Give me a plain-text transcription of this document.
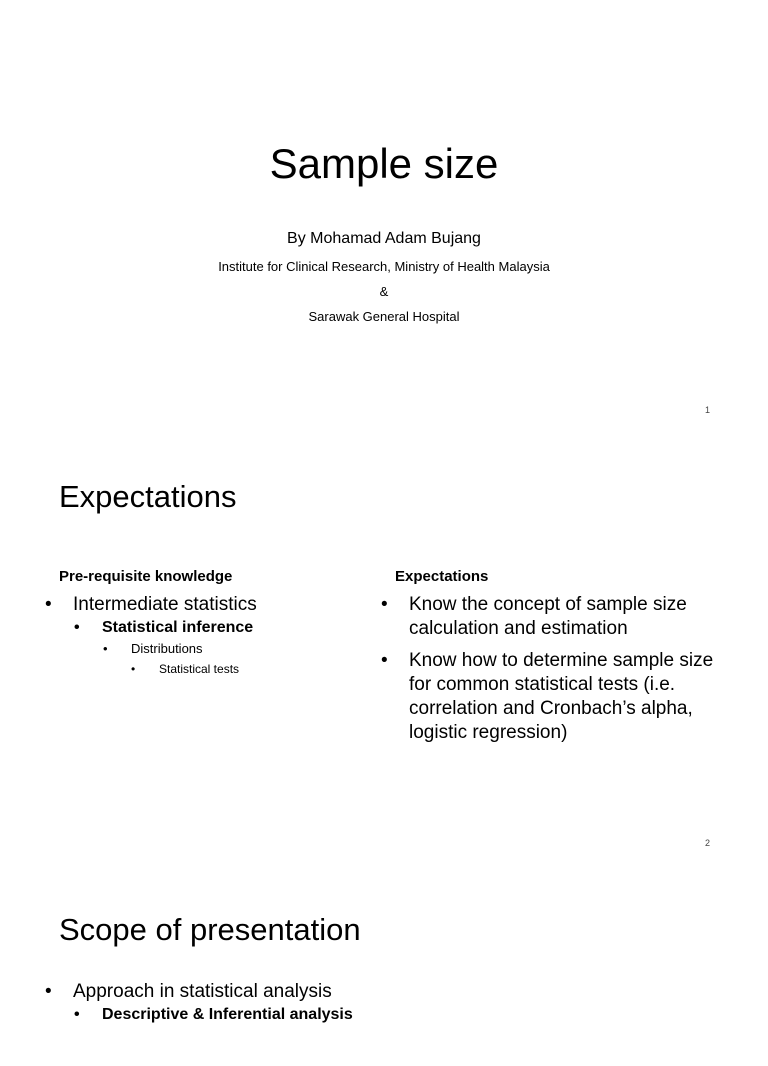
Sample size
By Mohamad Adam Bujang
Institute for Clinical Research, Ministry of Health Malaysia
&
Sarawak General Hospital
1
Expectations
Pre-requisite knowledge
• Intermediate statistics
• Statistical inference
• Distributions
• Statistical tests
Expectations
• Know the concept of sample size calculation and estimation
• Know how to determine sample size for common statistical tests (i.e. correlation and Cronbach’s alpha, logistic regression)
2
Scope of presentation
• Approach in statistical analysis
• Descriptive & Inferential analysis
